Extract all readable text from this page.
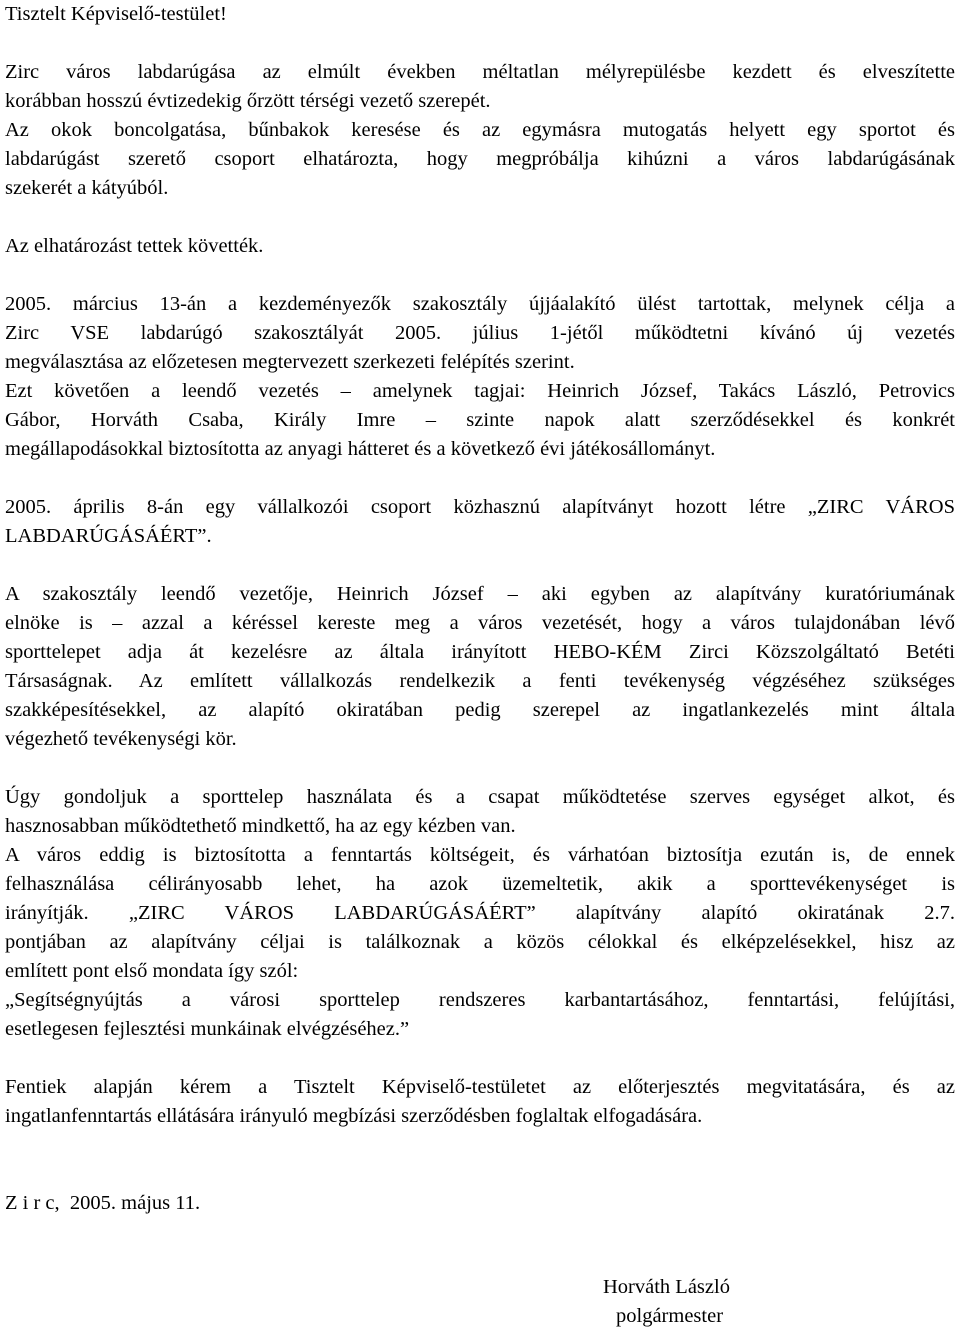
Tisztelt Képviselő-testület!
Zirc város labdarúgása az elmúlt években méltatlan mélyrepülésbe kezdett és elveszítette
korábban hosszú évtizedekig őrzött térségi vezető szerepét.
Az okok boncolgatása, bűnbakok keresése és az egymásra mutogatás helyett egy sportot és
labdarúgást szerető csoport elhatározta, hogy megpróbálja kihúzni a város labdarúgásának
szekerét a kátyúból.
Az elhatározást tettek követték.
2005. március 13-án a kezdeményezők szakosztály újjáalakító ülést tartottak, melynek célja a
Zirc VSE labdarúgó szakosztályát 2005. július 1-jétől működtetni kívánó új vezetés
megválasztása az előzetesen megtervezett szerkezeti felépítés szerint.
Ezt követően a leendő vezetés – amelynek tagjai: Heinrich József, Takács László, Petrovics
Gábor, Horváth Csaba, Király Imre – szinte napok alatt szerződésekkel és konkrét
megállapodásokkal biztosította az anyagi hátteret és a következő évi játékosállományt.
2005. április 8-án egy vállalkozói csoport közhasznú alapítványt hozott létre „ZIRC VÁROS
LABDARÚGÁSÁÉRT”.
A szakosztály leendő vezetője, Heinrich József – aki egyben az alapítvány kuratóriumának
elnöke is – azzal a kéréssel kereste meg a város vezetését, hogy a város tulajdonában lévő
sporttelepet adja át kezelésre az általa irányított HEBO-KÉM Zirci Közszolgáltató Betéti
Társaságnak. Az említett vállalkozás rendelkezik a fenti tevékenység végzéséhez szükséges
szakképesítésekkel, az alapító okiratában pedig szerepel az ingatlankezelés mint általa
végezhető tevékenységi kör.
Úgy gondoljuk a sporttelep használata és a csapat működtetése szerves egységet alkot, és
hasznosabban működtethető mindkettő, ha az egy kézben van.
A város eddig is biztosította a fenntartás költségeit, és várhatóan biztosítja ezután is, de ennek
felhasználása célirányosabb lehet, ha azok üzemeltetik, akik a sporttevékenységet is
irányítják. „ZIRC VÁROS LABDARÚGÁSÁÉRT” alapítvány alapító okiratának 2.7.
pontjában az alapítvány céljai is találkoznak a közös célokkal és elképzelésekkel, hisz az
említett pont első mondata így szól:
„Segítségnyújtás a városi sporttelep rendszeres karbantartásához, fenntartási, felújítási,
esetlegesen fejlesztési munkáinak elvégzéséhez.”
Fentiek alapján kérem a Tisztelt Képviselő-testületet az előterjesztés megvitatására, és az
ingatlanfenntartás ellátására irányuló megbízási szerződésben foglaltak elfogadására.
Z i r c,  2005. május 11.
Horváth László
polgármester
